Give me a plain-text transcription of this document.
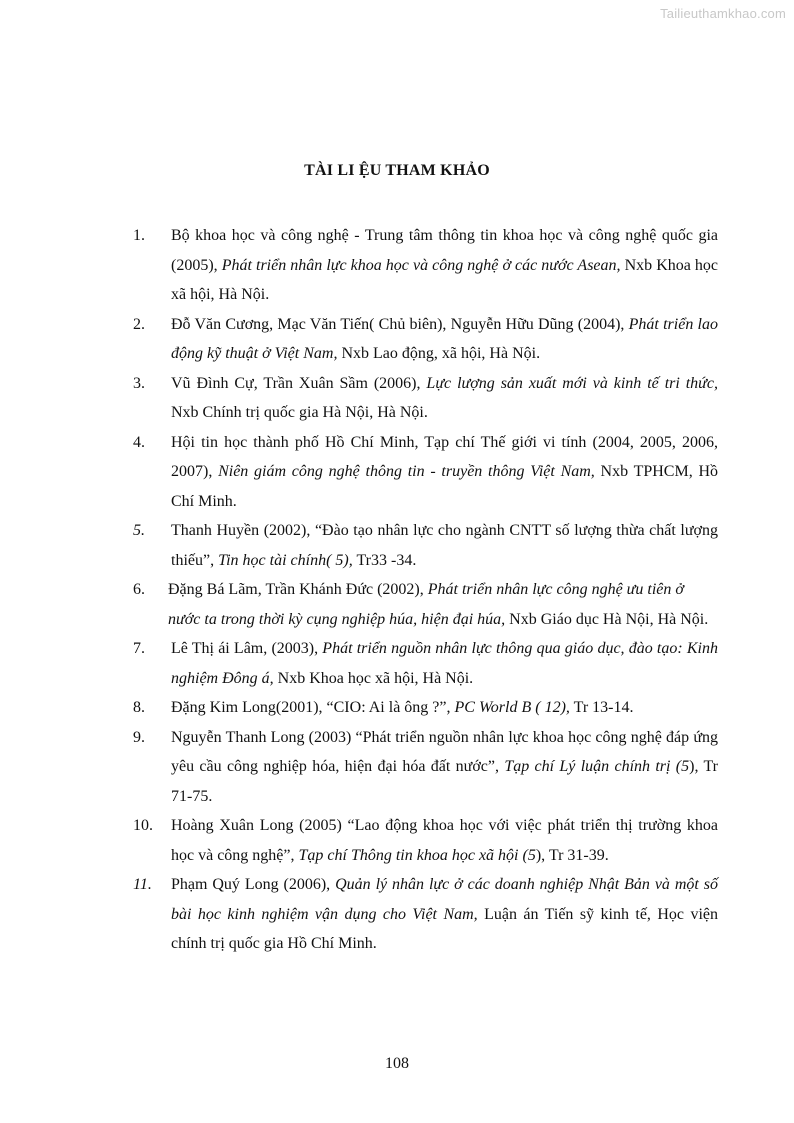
Tailieuthamkhao.com
TÀI LI ỆU THAM KHẢO
1. Bộ khoa học và công nghệ - Trung tâm thông tin khoa học và công nghệ quốc gia (2005), Phát triển nhân lực khoa học và công nghệ ở các nước Asean, Nxb Khoa học xã hội, Hà Nội.
2. Đỗ Văn Cương, Mạc Văn Tiến( Chủ biên), Nguyễn Hữu Dũng (2004), Phát triển lao động kỹ thuật ở Việt Nam, Nxb Lao động, xã hội, Hà Nội.
3. Vũ Đình Cự, Trần Xuân Sầm (2006), Lực lượng sản xuất mới và kinh tế tri thức, Nxb Chính trị quốc gia Hà Nội, Hà Nội.
4. Hội tin học thành phố Hồ Chí Minh, Tạp chí Thế giới vi tính (2004, 2005, 2006, 2007), Niên giám công nghệ thông tin - truyền thông Việt Nam, Nxb TPHCM, Hồ Chí Minh.
5. Thanh Huyền (2002), “Đào tạo nhân lực cho ngành CNTT số lượng thừa chất lượng thiếu”, Tin học tài chính( 5), Tr33 -34.
6. Đặng Bá Lãm, Trần Khánh Đức (2002), Phát triển nhân lực công nghệ ưu tiên ở nước ta trong thời kỳ cụng nghiệp húa, hiện đại húa, Nxb Giáo dục Hà Nội, Hà Nội.
7. Lê Thị ái Lâm, (2003), Phát triển nguồn nhân lực thông qua giáo dục, đào tạo: Kinh nghiệm Đông á, Nxb Khoa học xã hội, Hà Nội.
8. Đặng Kim Long(2001), “CIO: Ai là ông ?”, PC World B ( 12), Tr 13-14.
9. Nguyễn Thanh Long (2003) “Phát triển nguồn nhân lực khoa học công nghệ đáp ứng yêu cầu công nghiệp hóa, hiện đại hóa đất nước”, Tạp chí Lý luận chính trị (5), Tr 71-75.
10. Hoàng Xuân Long (2005) “Lao động khoa học với việc phát triển thị trường khoa học và công nghệ”, Tạp chí Thông tin khoa học xã hội (5), Tr 31-39.
11. Phạm Quý Long (2006), Quản lý nhân lực ở các doanh nghiệp Nhật Bản và một số bài học kinh nghiệm vận dụng cho Việt Nam, Luận án Tiến sỹ kinh tế, Học viện chính trị quốc gia Hồ Chí Minh.
108
